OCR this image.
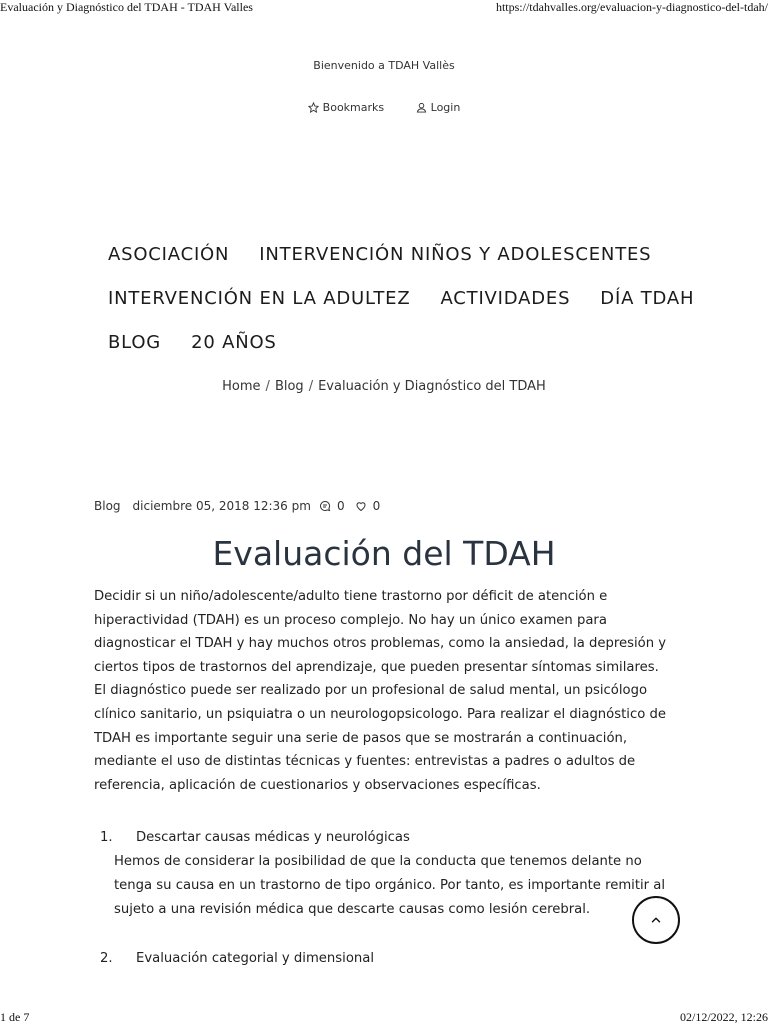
Evaluación y Diagnóstico del TDAH - TDAH Valles	https://tdahvalles.org/evaluacion-y-diagnostico-del-tdah/
Bienvenido a TDAH Vallès
Bookmarks
	Login
ASOCIACIÓN INTERVENCIÓN NIÑOS Y ADOLESCENTES
INTERVENCIÓN EN LA ADULTEZ ACTIVIDADES DÍA TDAH
BLOG 20 AÑOS
Home / Blog / Evaluación y Diagnóstico del TDAH
Blog diciembre 05, 2018 12:36 pm 0 0
Evaluación del TDAH

Decidir si un niño/adolescente/adulto tiene trastorno por déficit de atención e hiperactividad (TDAH) es un proceso complejo. No hay un único examen para diagnosticar el TDAH y hay muchos otros problemas, como la ansiedad, la depresión y ciertos tipos de trastornos del aprendizaje, que pueden presentar síntomas similares.

El diagnóstico puede ser realizado por un profesional de salud mental, un psicólogo clínico sanitario, un psiquiatra o un neurologopsicologo. Para realizar el diagnóstico de TDAH es importante seguir una serie de pasos que se mostrarán a continuación, mediante el uso de distintas técnicas y fuentes: entrevistas a padres o adultos de referencia, aplicación de cuestionarios y observaciones específicas.

1.	Descartar causas médicas y neurológicas
Hemos de considerar la posibilidad de que la conducta que tenemos delante no tenga su causa en un trastorno de tipo orgánico. Por tanto, es importante remitir al sujeto a una revisión médica que descarte causas como lesión cerebral.
2.	Evaluación categorial y dimensional
1 de 7	02/12/2022, 12:26
